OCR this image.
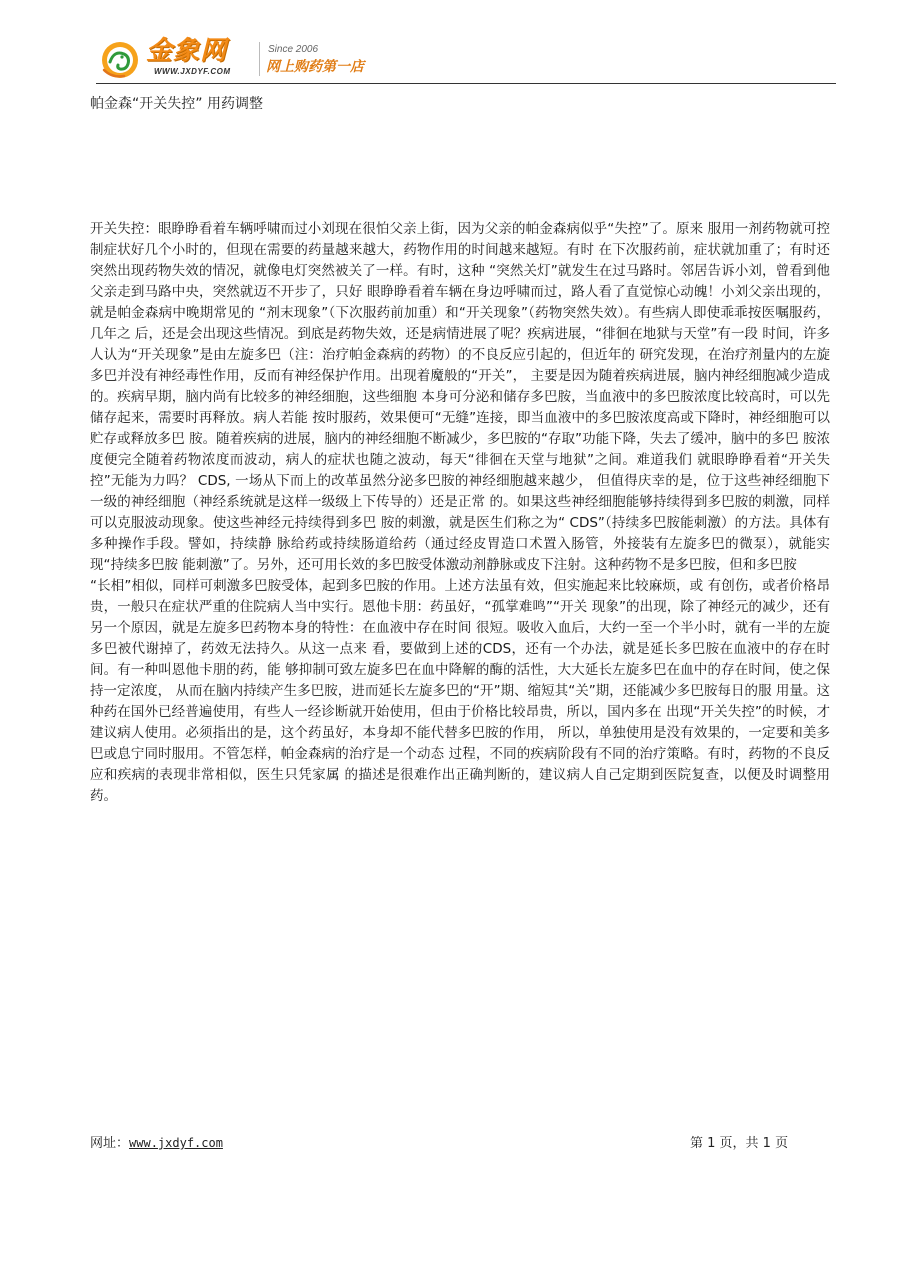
金象网
WWW.JXDYF.COM
Since 2006
网上购药第一店
帕金森“开关失控” 用药调整

开关失控：眼睁睁看着车辆呼啸而过小刘现在很怕父亲上街，因为父亲的帕金森病似乎“失控”了。原来 服用一剂药物就可控制症状好几个小时的，但现在需要的药量越来越大，药物作用的时间越来越短。有时 在下次服药前，症状就加重了；有时还突然出现药物失效的情况，就像电灯突然被关了一样。有时，这种 “突然关灯”就发生在过马路时。邻居告诉小刘，曾看到他父亲走到马路中央，突然就迈不开步了，只好 眼睁睁看着车辆在身边呼啸而过，路人看了直觉惊心动魄！小刘父亲出现的，就是帕金森病中晚期常见的 “剂末现象”（下次服药前加重）和“开关现象”（药物突然失效）。有些病人即使乖乖按医嘱服药，几年之 后，还是会出现这些情况。到底是药物失效，还是病情进展了呢？疾病进展，“徘徊在地狱与天堂”有一段 时间，许多人认为“开关现象”是由左旋多巴（注：治疗帕金森病的药物）的不良反应引起的，但近年的 研究发现，在治疗剂量内的左旋多巴并没有神经毒性作用，反而有神经保护作用。出现着魔般的“开关”， 主要是因为随着疾病进展，脑内神经细胞减少造成的。疾病早期，脑内尚有比较多的神经细胞，这些细胞 本身可分泌和储存多巴胺，当血液中的多巴胺浓度比较高时，可以先储存起来，需要时再释放。病人若能 按时服药，效果便可“无缝”连接，即当血液中的多巴胺浓度高或下降时，神经细胞可以贮存或释放多巴 胺。随着疾病的进展，脑内的神经细胞不断减少，多巴胺的“存取”功能下降，失去了缓冲，脑中的多巴 胺浓度便完全随着药物浓度而波动，病人的症状也随之波动，每天“徘徊在天堂与地狱”之间。难道我们 就眼睁睁看着“开关失控”无能为力吗？ CDS, 一场从下而上的改革虽然分泌多巴胺的神经细胞越来越少， 但值得庆幸的是，位于这些神经细胞下一级的神经细胞（神经系统就是这样一级级上下传导的）还是正常 的。如果这些神经细胞能够持续得到多巴胺的刺激，同样可以克服波动现象。使这些神经元持续得到多巴 胺的刺激，就是医生们称之为“ CDS”（持续多巴胺能刺激）的方法。具体有多种操作手段。譬如，持续静 脉给药或持续肠道给药（通过经皮胃造口术置入肠管，外接装有左旋多巴的微泵），就能实现“持续多巴胺 能刺激”了。另外，还可用长效的多巴胺受体激动剂静脉或皮下注射。这种药物不是多巴胺，但和多巴胺

“长相”相似，同样可刺激多巴胺受体，起到多巴胺的作用。上述方法虽有效，但实施起来比较麻烦，或 有创伤，或者价格昂贵，一般只在症状严重的住院病人当中实行。恩他卡朋：药虽好，“孤掌难鸣”“开关 现象”的出现，除了神经元的减少，还有另一个原因，就是左旋多巴药物本身的特性：在血液中存在时间 很短。吸收入血后，大约一至一个半小时，就有一半的左旋多巴被代谢掉了，药效无法持久。从这一点来 看，要做到上述的CDS，还有一个办法，就是延长多巴胺在血液中的存在时间。有一种叫恩他卡朋的药，能 够抑制可致左旋多巴在血中降解的酶的活性，大大延长左旋多巴在血中的存在时间，使之保持一定浓度， 从而在脑内持续产生多巴胺，进而延长左旋多巴的“开”期、缩短其“关”期，还能减少多巴胺每日的服 用量。这种药在国外已经普遍使用，有些人一经诊断就开始使用，但由于价格比较昂贵，所以，国内多在 出现“开关失控”的时候，才建议病人使用。必须指出的是，这个药虽好，本身却不能代替多巴胺的作用， 所以，单独使用是没有效果的，一定要和美多巴或息宁同时服用。不管怎样，帕金森病的治疗是一个动态 过程，不同的疾病阶段有不同的治疗策略。有时，药物的不良反应和疾病的表现非常相似，医生只凭家属 的描述是很难作出正确判断的，建议病人自己定期到医院复查，以便及时调整用药。

网址：www.jxdyf.com	第 1 页，共 1 页
